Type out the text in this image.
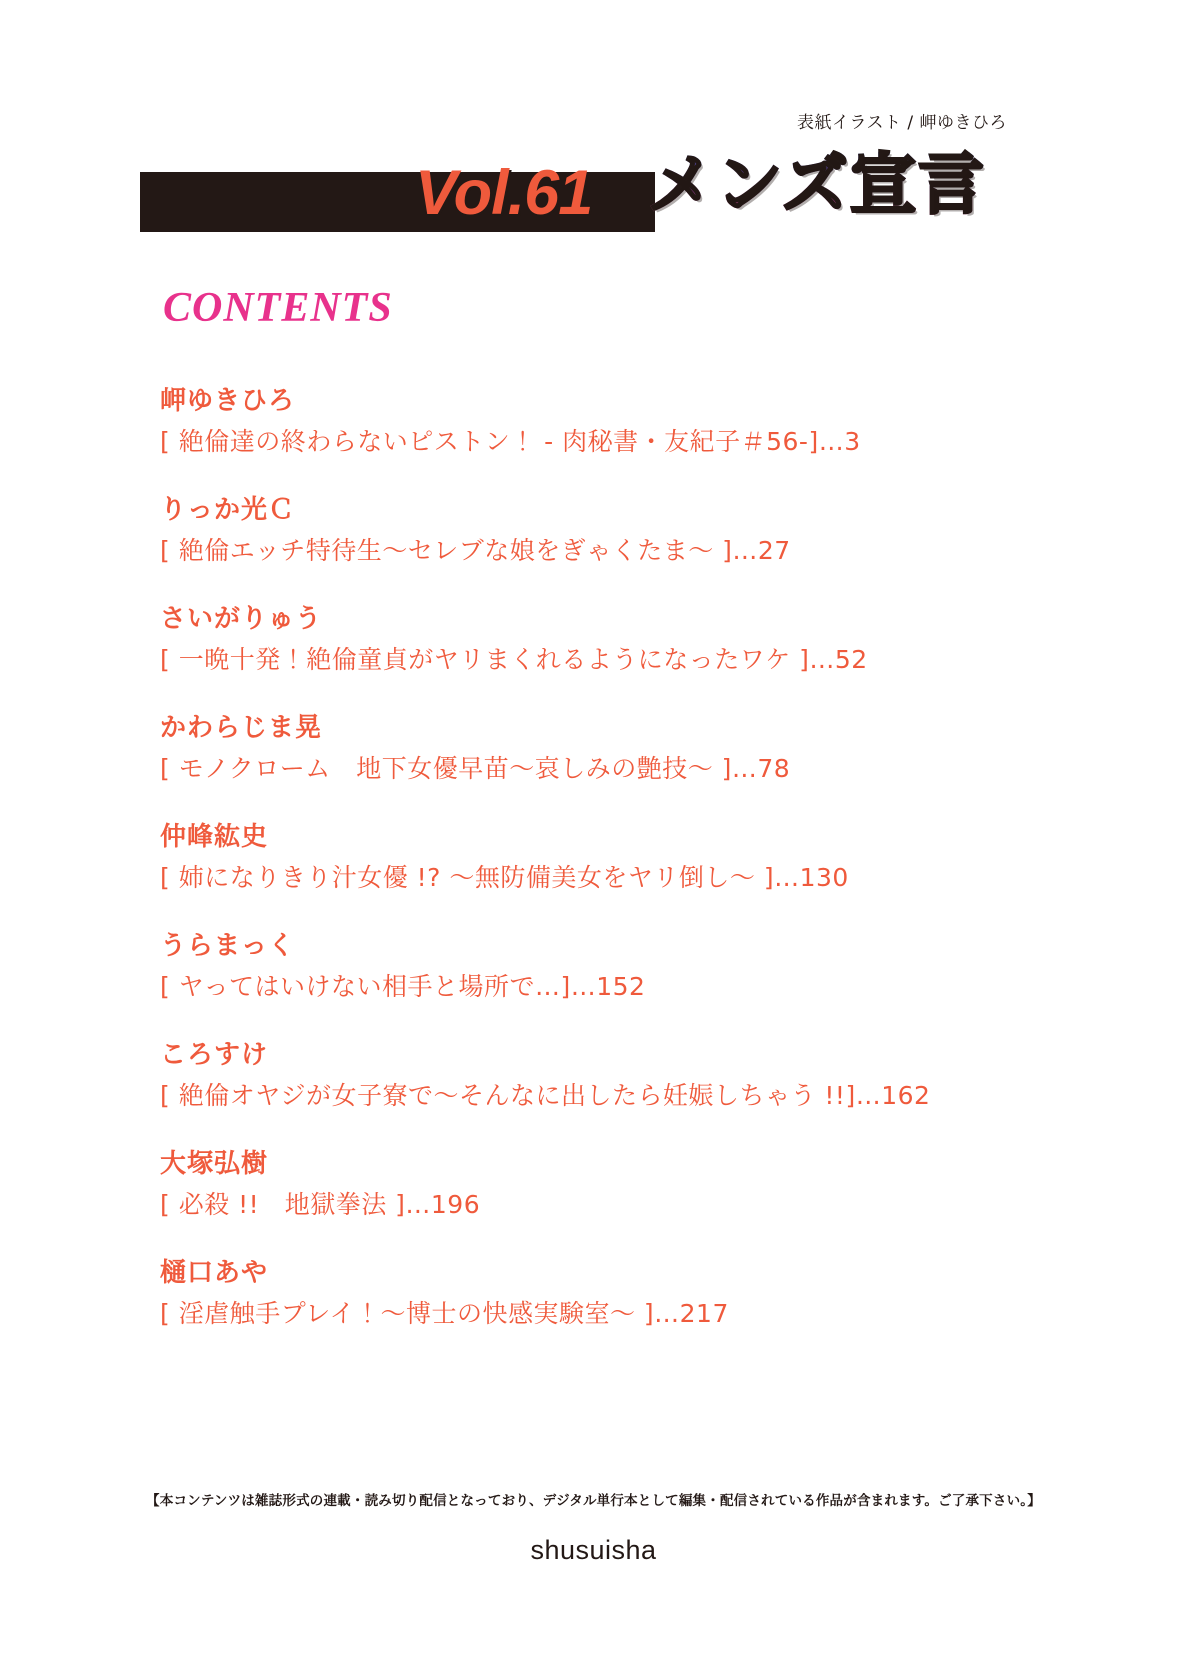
Vol.61 メンズ宣言
表紙イラスト / 岬ゆきひろ
CONTENTS
岬ゆきひろ
[ 絶倫達の終わらないピストン！ - 肉秘書・友紀子＃56-]…3
りっか光Ｃ
[ 絶倫エッチ特待生〜セレブな娘をぎゃくたま〜 ]…27
さいがりゅう
[ 一晩十発！絶倫童貞がヤリまくれるようになったワケ ]…52
かわらじま晃
[ モノクローム　地下女優早苗〜哀しみの艶技〜 ]…78
仲峰紘史
[ 姉になりきり汁女優 !? 〜無防備美女をヤリ倒し〜 ]…130
うらまっく
[ ヤってはいけない相手と場所で…]…152
ころすけ
[ 絶倫オヤジが女子寮で〜そんなに出したら妊娠しちゃう !!]…162
大塚弘樹
[ 必殺 !!　地獄拳法 ]…196
樋口あや
[ 淫虐触手プレイ！〜博士の快感実験室〜 ]…217
【本コンテンツは雑誌形式の連載・読み切り配信となっており、デジタル単行本として編集・配信されている作品が含まれます。ご了承下さい。】
shusuisha
